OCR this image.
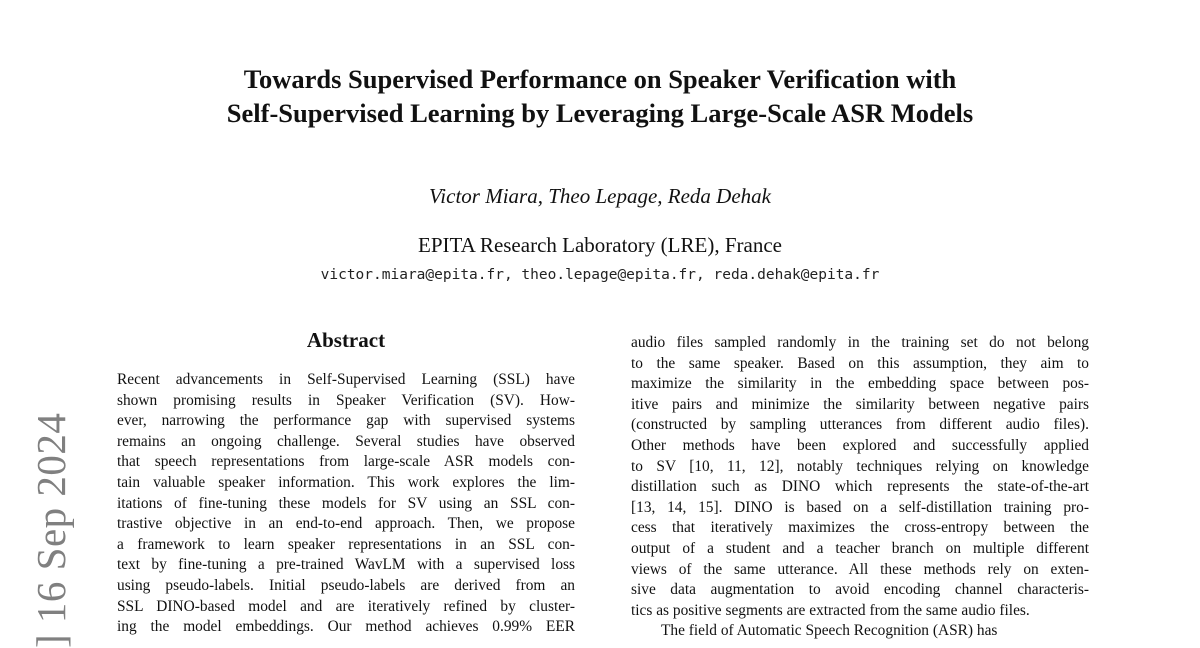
Towards Supervised Performance on Speaker Verification with
Self-Supervised Learning by Leveraging Large-Scale ASR Models
Victor Miara, Theo Lepage, Reda Dehak
EPITA Research Laboratory (LRE), France
victor.miara@epita.fr, theo.lepage@epita.fr, reda.dehak@epita.fr
] 16 Sep 2024
Abstract
Recent advancements in Self-Supervised Learning (SSL) have
shown promising results in Speaker Verification (SV). How-
ever, narrowing the performance gap with supervised systems
remains an ongoing challenge. Several studies have observed
that speech representations from large-scale ASR models con-
tain valuable speaker information. This work explores the lim-
itations of fine-tuning these models for SV using an SSL con-
trastive objective in an end-to-end approach. Then, we propose
a framework to learn speaker representations in an SSL con-
text by fine-tuning a pre-trained WavLM with a supervised loss
using pseudo-labels. Initial pseudo-labels are derived from an
SSL DINO-based model and are iteratively refined by cluster-
ing the model embeddings. Our method achieves 0.99% EER
audio files sampled randomly in the training set do not belong
to the same speaker. Based on this assumption, they aim to
maximize the similarity in the embedding space between pos-
itive pairs and minimize the similarity between negative pairs
(constructed by sampling utterances from different audio files).
Other methods have been explored and successfully applied
to SV [10, 11, 12], notably techniques relying on knowledge
distillation such as DINO which represents the state-of-the-art
[13, 14, 15]. DINO is based on a self-distillation training pro-
cess that iteratively maximizes the cross-entropy between the
output of a student and a teacher branch on multiple different
views of the same utterance. All these methods rely on exten-
sive data augmentation to avoid encoding channel characteris-
tics as positive segments are extracted from the same audio files.
The field of Automatic Speech Recognition (ASR) has
